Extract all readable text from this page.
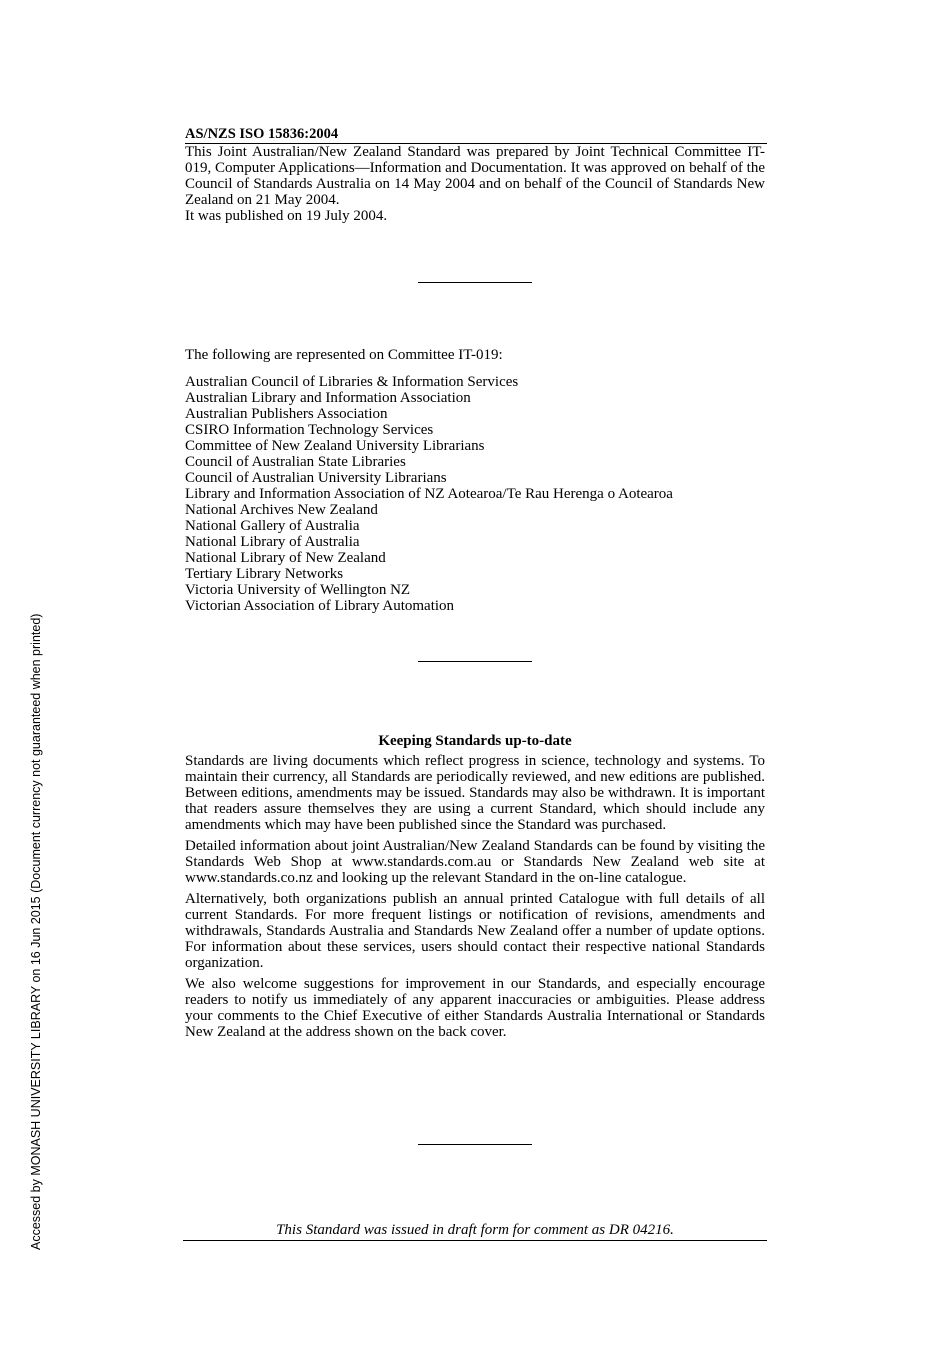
AS/NZS ISO 15836:2004

This Joint Australian/New Zealand Standard was prepared by Joint Technical Committee IT-019, Computer Applications—Information and Documentation. It was approved on behalf of the Council of Standards Australia on 14 May 2004 and on behalf of the Council of Standards New Zealand on 21 May 2004.

It was published on 19 July 2004.

The following are represented on Committee IT-019:
Australian Council of Libraries & Information Services
Australian Library and Information Association
Australian Publishers Association
CSIRO Information Technology Services
Committee of New Zealand University Librarians
Council of Australian State Libraries
Council of Australian University Librarians
Library and Information Association of NZ Aotearoa/Te Rau Herenga o Aotearoa
National Archives New Zealand
National Gallery of Australia
National Library of Australia
National Library of New Zealand
Tertiary Library Networks
Victoria University of Wellington NZ
Victorian Association of Library Automation
Keeping Standards up-to-date

Standards are living documents which reflect progress in science, technology and systems. To maintain their currency, all Standards are periodically reviewed, and new editions are published. Between editions, amendments may be issued. Standards may also be withdrawn. It is important that readers assure themselves they are using a current Standard, which should include any amendments which may have been published since the Standard was purchased.

Detailed information about joint Australian/New Zealand Standards can be found by visiting the Standards Web Shop at www.standards.com.au or Standards New Zealand web site at www.standards.co.nz and looking up the relevant Standard in the on-line catalogue.

Alternatively, both organizations publish an annual printed Catalogue with full details of all current Standards. For more frequent listings or notification of revisions, amendments and withdrawals, Standards Australia and Standards New Zealand offer a number of update options. For information about these services, users should contact their respective national Standards organization.

We also welcome suggestions for improvement in our Standards, and especially encourage readers to notify us immediately of any apparent inaccuracies or ambiguities. Please address your comments to the Chief Executive of either Standards Australia International or Standards New Zealand at the address shown on the back cover.

This Standard was issued in draft form for comment as DR 04216.
Accessed by MONASH UNIVERSITY LIBRARY on 16 Jun 2015 (Document currency not guaranteed when printed)
